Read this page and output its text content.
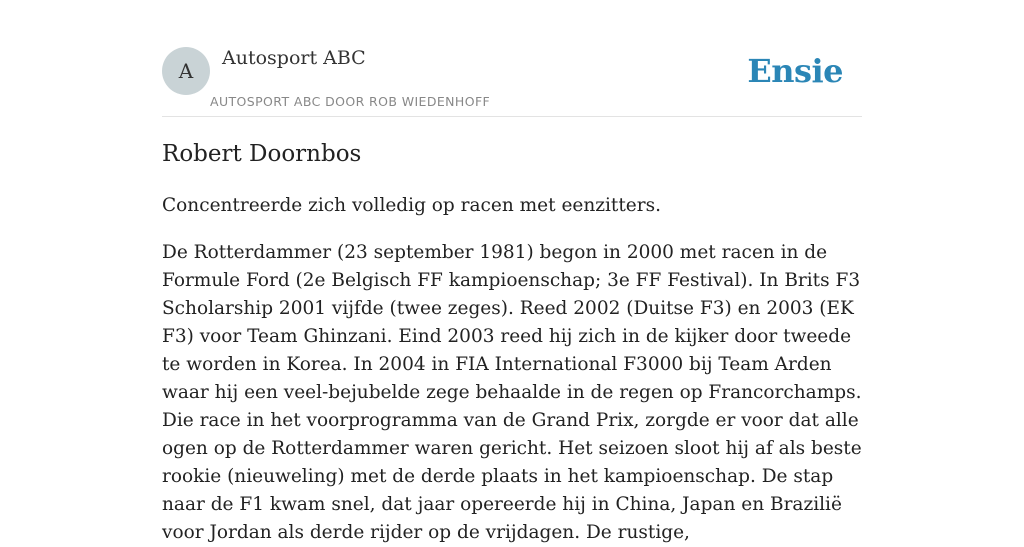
A
Autosport ABC
AUTOSPORT ABC DOOR ROB WIEDENHOFF
Ensie
Robert Doornbos

Concentreerde zich volledig op racen met eenzitters.

De Rotterdammer (23 september 1981) begon in 2000 met racen in de Formule Ford (2e Belgisch FF kampioenschap; 3e FF Festival). In Brits F3 Scholarship 2001 vijfde (twee zeges). Reed 2002 (Duitse F3) en 2003 (EK F3) voor Team Ghinzani. Eind 2003 reed hij zich in de kijker door tweede te worden in Korea. In 2004 in FIA International F3000 bij Team Arden waar hij een veel-bejubelde zege behaalde in de regen op Francorchamps. Die race in het voorprogramma van de Grand Prix, zorgde er voor dat alle ogen op de Rotterdammer waren gericht. Het seizoen sloot hij af als beste rookie (nieuweling) met de derde plaats in het kampioenschap. De stap naar de F1 kwam snel, dat jaar opereerde hij in China, Japan en Brazilië voor Jordan als derde rijder op de vrijdagen. De rustige,
